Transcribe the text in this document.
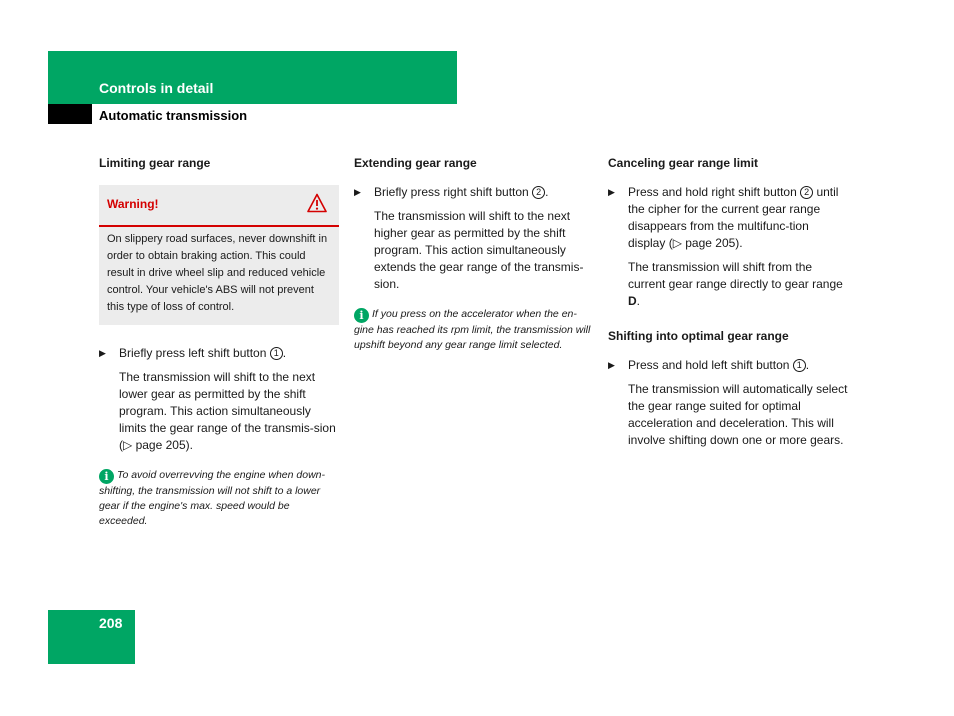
Controls in detail
Automatic transmission
Limiting gear range
Warning!
On slippery road surfaces, never downshift in order to obtain braking action. This could result in drive wheel slip and reduced vehicle control. Your vehicle's ABS will not prevent this type of loss of control.
▶ Briefly press left shift button 1 .
The transmission will shift to the next lower gear as permitted by the shift program. This action simultaneously limits the gear range of the transmis-sion (▷ page 205).

i To avoid overrevving the engine when down-shifting, the transmission will not shift to a lower gear if the engine's max. speed would be exceeded.

Extending gear range
▶ Briefly press right shift button 2 .
The transmission will shift to the next higher gear as permitted by the shift program. This action simultaneously extends the gear range of the transmis-sion.

i If you press on the accelerator when the en-gine has reached its rpm limit, the transmission will upshift beyond any gear range limit selected.

Canceling gear range limit
▶ Press and hold right shift button 2 until the cipher for the current gear range disappears from the multifunc-tion display (▷ page 205).
The transmission will shift from the current gear range directly to gear range D.
Shifting into optimal gear range
▶ Press and hold left shift button 1 .
The transmission will automatically select the gear range suited for optimal acceleration and deceleration. This will involve shifting down one or more gears.
208
